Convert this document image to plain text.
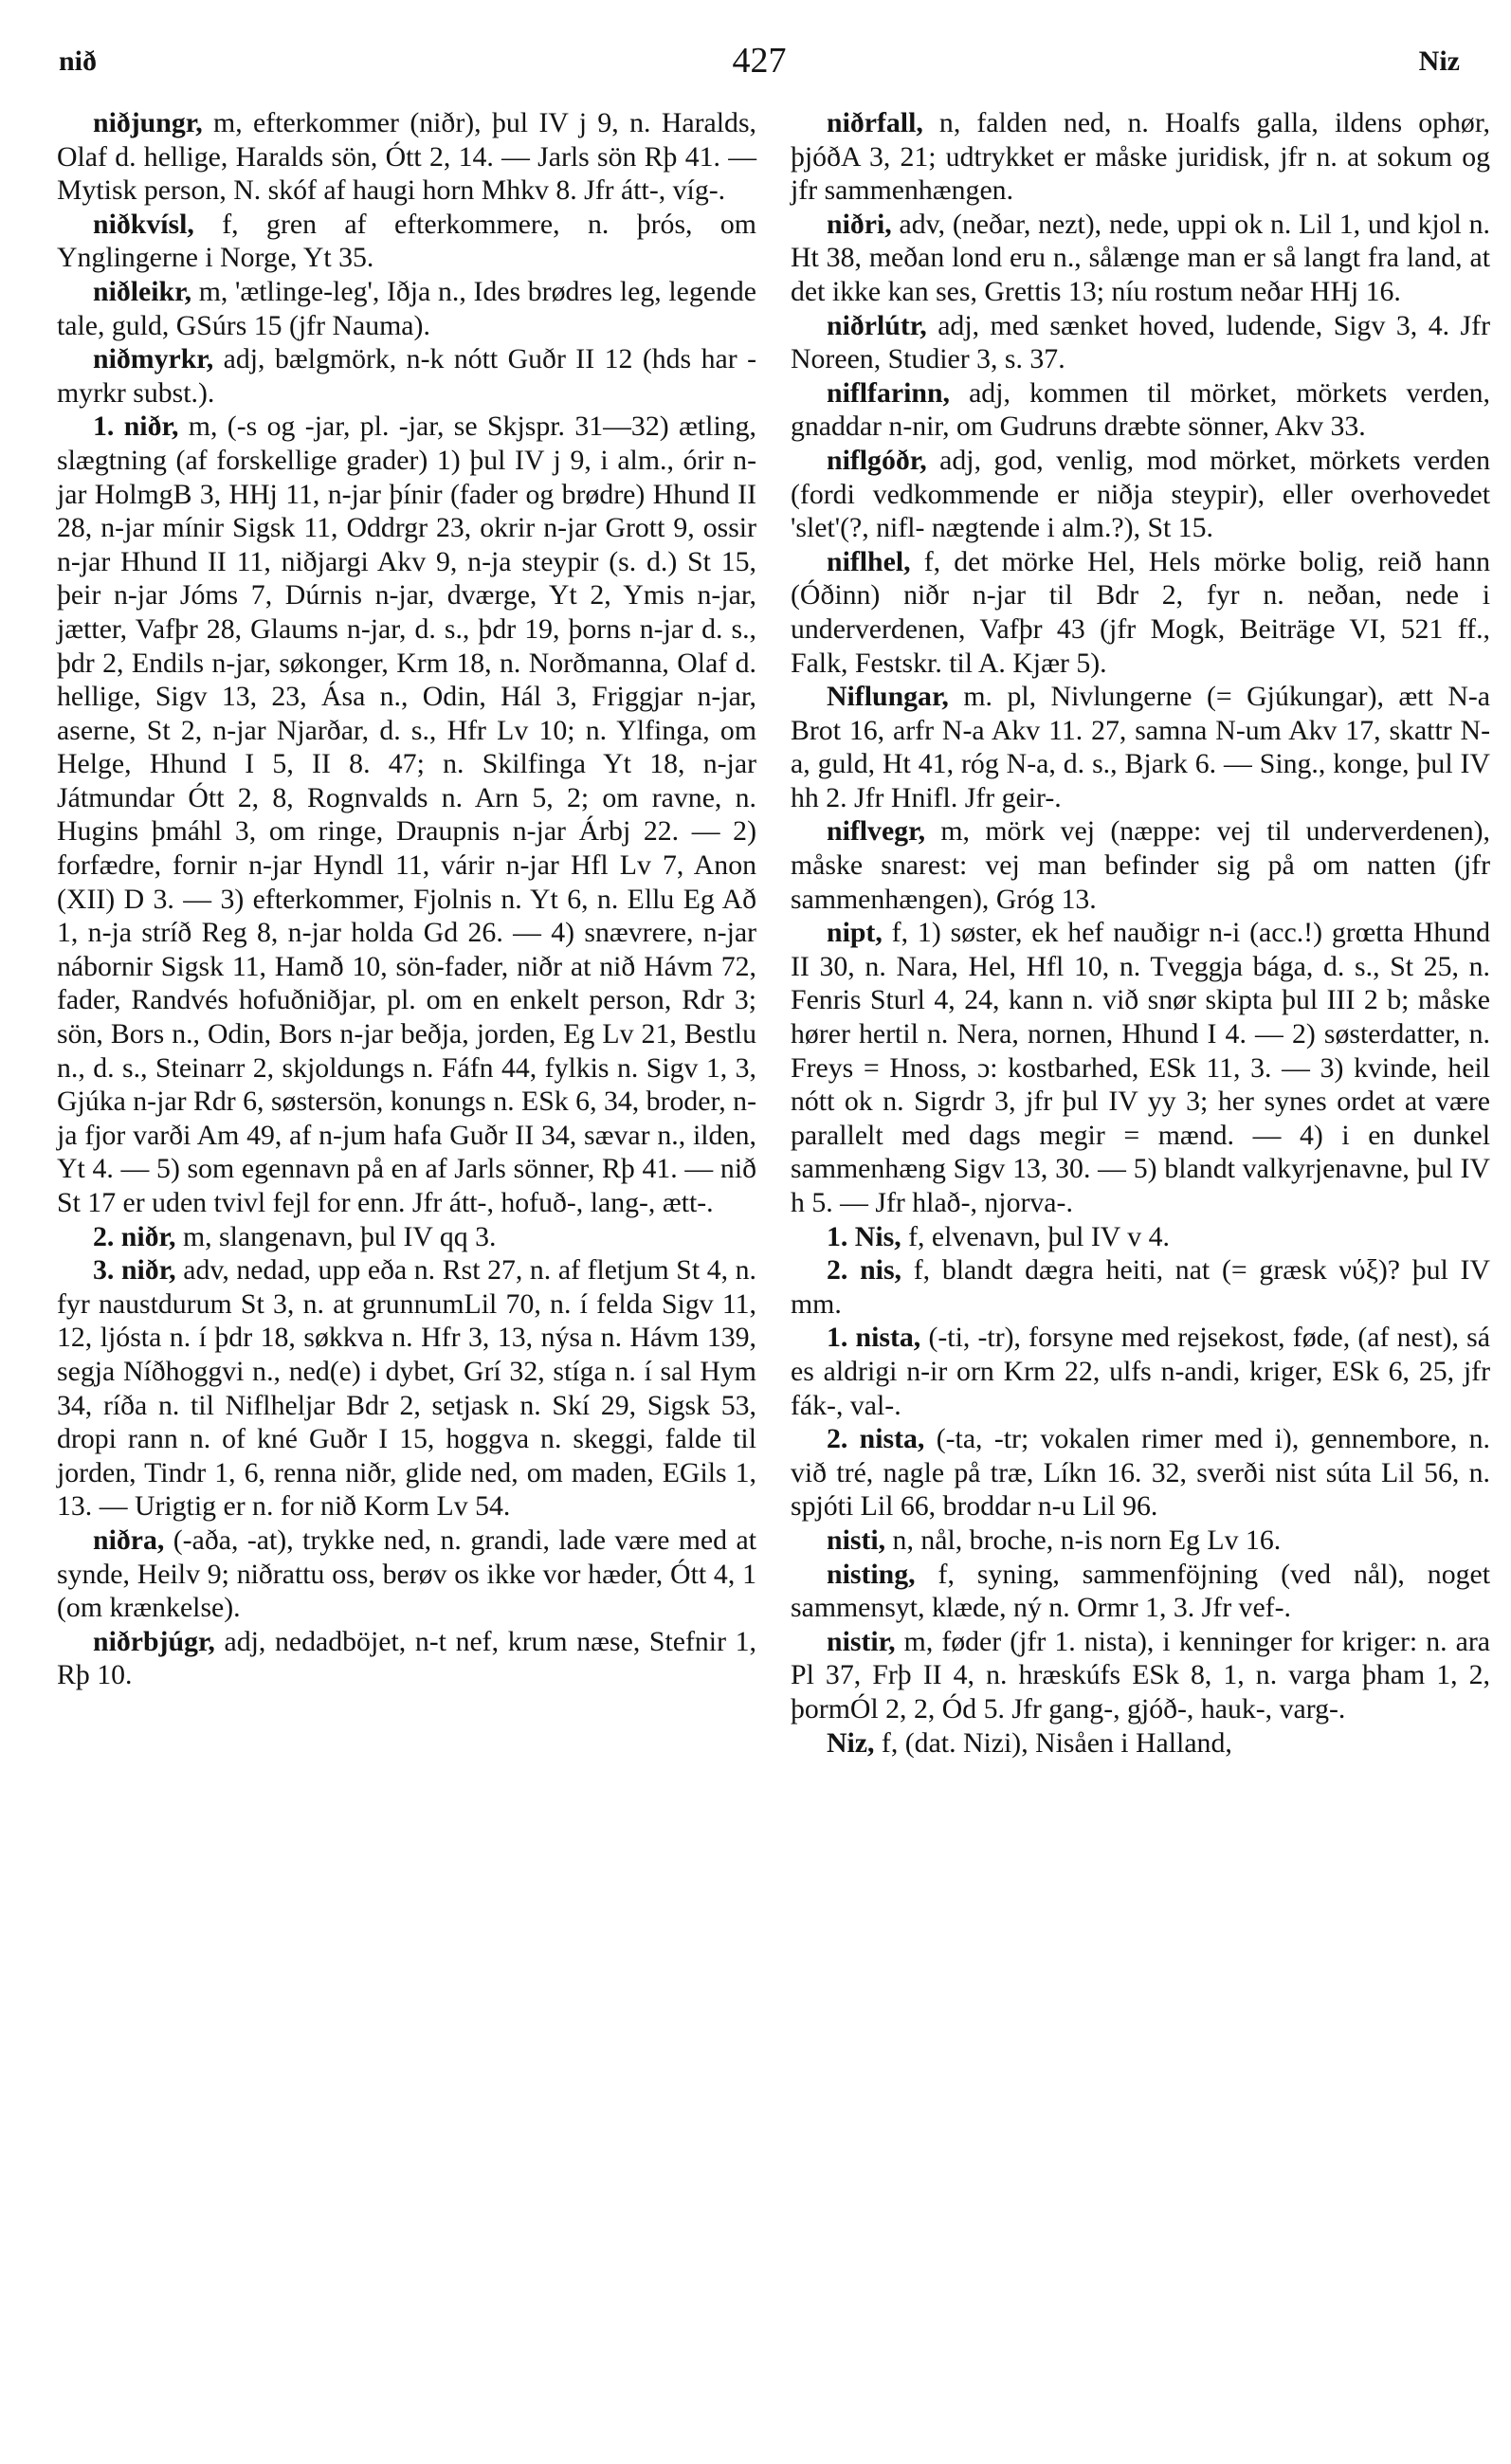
nið	427	Niz

niðjungr, m, efterkommer (niðr), þul IV j 9, n. Haralds, Olaf d. hellige, Haralds sön, Ótt 2, 14. — Jarls sön Rþ 41. — Mytisk person, N. skóf af haugi horn Mhkv 8. Jfr átt-, víg-.

niðkvísl, f, gren af efterkommere, n. þrós, om Ynglingerne i Norge, Yt 35.

niðleikr, m, 'ætlinge-leg', Iðja n., Ides brødres leg, legende tale, guld, GSúrs 15 (jfr Nauma).

niðmyrkr, adj, bælgmörk, n-k nótt Guðr II 12 (hds har -myrkr subst.).

1. niðr, m, (-s og -jar, pl. -jar, se Skjspr. 31—32) ætling, slægtning (af forskellige grader) 1) þul IV j 9, i alm., órir n-jar HolmgB 3, HHj 11, n-jar þínir (fader og brødre) Hhund II 28, n-jar mínir Sigsk 11, Oddrgr 23, okrir n-jar Grott 9, ossir n-jar Hhund II 11, niðjargi Akv 9, n-ja steypir (s. d.) St 15, þeir n-jar Jóms 7, Dúrnis n-jar, dværge, Yt 2, Ymis n-jar, jætter, Vafþr 28, Glaums n-jar, d. s., þdr 19, þorns n-jar d. s., þdr 2, Endils n-jar, søkonger, Krm 18, n. Norðmanna, Olaf d. hellige, Sigv 13, 23, Ása n., Odin, Hál 3, Friggjar n-jar, aserne, St 2, n-jar Njarðar, d. s., Hfr Lv 10; n. Ylfinga, om Helge, Hhund I 5, II 8. 47; n. Skilfinga Yt 18, n-jar Játmundar Ótt 2, 8, Rognvalds n. Arn 5, 2; om ravne, n. Hugins þmáhl 3, om ringe, Draupnis n-jar Árbj 22. — 2) forfædre, fornir n-jar Hyndl 11, várir n-jar Hfl Lv 7, Anon (XII) D 3. — 3) efterkommer, Fjolnis n. Yt 6, n. Ellu Eg Að 1, n-ja stríð Reg 8, n-jar holda Gd 26. — 4) snævrere, n-jar nábornir Sigsk 11, Hamð 10, sön-fader, niðr at nið Hávm 72, fader, Randvés hofuðniðjar, pl. om en enkelt person, Rdr 3; sön, Bors n., Odin, Bors n-jar beðja, jorden, Eg Lv 21, Bestlu n., d. s., Steinarr 2, skjoldungs n. Fáfn 44, fylkis n. Sigv 1, 3, Gjúka n-jar Rdr 6, søstersön, konungs n. ESk 6, 34, broder, n-ja fjor varði Am 49, af n-jum hafa Guðr II 34, sævar n., ilden, Yt 4. — 5) som egennavn på en af Jarls sönner, Rþ 41. — nið St 17 er uden tvivl fejl for enn. Jfr átt-, hofuð-, lang-, ætt-.

2. niðr, m, slangenavn, þul IV qq 3.

3. niðr, adv, nedad, upp eða n. Rst 27, n. af fletjum St 4, n. fyr naustdurum St 3, n. at grunnumLil 70, n. í felda Sigv 11, 12, ljósta n. í þdr 18, søkkva n. Hfr 3, 13, nýsa n. Hávm 139, segja Níðhoggvi n., ned(e) i dybet, Grí 32, stíga n. í sal Hym 34, ríða n. til Niflheljar Bdr 2, setjask n. Skí 29, Sigsk 53, dropi rann n. of kné Guðr I 15, hoggva n. skeggi, falde til jorden, Tindr 1, 6, renna niðr, glide ned, om maden, EGils 1, 13. — Urigtig er n. for nið Korm Lv 54.

niðra, (-aða, -at), trykke ned, n. grandi, lade være med at synde, Heilv 9; niðrattu oss, berøv os ikke vor hæder, Ótt 4, 1 (om krænkelse).

niðrbjúgr, adj, nedadböjet, n-t nef, krum næse, Stefnir 1, Rþ 10.

niðrfall, n, falden ned, n. Hoalfs galla, ildens ophør, þjóðA 3, 21; udtrykket er måske juridisk, jfr n. at sokum og jfr sammenhængen.

niðri, adv, (neðar, nezt), nede, uppi ok n. Lil 1, und kjol n. Ht 38, meðan lond eru n., sålænge man er så langt fra land, at det ikke kan ses, Grettis 13; níu rostum neðar HHj 16.

niðrlútr, adj, med sænket hoved, ludende, Sigv 3, 4. Jfr Noreen, Studier 3, s. 37.

niflfarinn, adj, kommen til mörket, mörkets verden, gnaddar n-nir, om Gudruns dræbte sönner, Akv 33.

niflgóðr, adj, god, venlig, mod mörket, mörkets verden (fordi vedkommende er niðja steypir), eller overhovedet 'slet'(?, nifl- nægtende i alm.?), St 15.

niflhel, f, det mörke Hel, Hels mörke bolig, reið hann (Óðinn) niðr n-jar til Bdr 2, fyr n. neðan, nede i underverdenen, Vafþr 43 (jfr Mogk, Beiträge VI, 521 ff., Falk, Festskr. til A. Kjær 5).

Niflungar, m. pl, Nivlungerne (= Gjúkungar), ætt N-a Brot 16, arfr N-a Akv 11. 27, samna N-um Akv 17, skattr N-a, guld, Ht 41, róg N-a, d. s., Bjark 6. — Sing., konge, þul IV hh 2. Jfr Hnifl. Jfr geir-.

niflvegr, m, mörk vej (næppe: vej til underverdenen), måske snarest: vej man befinder sig på om natten (jfr sammenhængen), Gróg 13.

nipt, f, 1) søster, ek hef nauðigr n-i (acc.!) grœtta Hhund II 30, n. Nara, Hel, Hfl 10, n. Tveggja bága, d. s., St 25, n. Fenris Sturl 4, 24, kann n. við snør skipta þul III 2 b; måske hører hertil n. Nera, nornen, Hhund I 4. — 2) søsterdatter, n. Freys = Hnoss, ɔ: kostbarhed, ESk 11, 3. — 3) kvinde, heil nótt ok n. Sigrdr 3, jfr þul IV yy 3; her synes ordet at være parallelt med dags megir = mænd. — 4) i en dunkel sammenhæng Sigv 13, 30. — 5) blandt valkyrjenavne, þul IV h 5. — Jfr hlað-, njorva-.

1. Nis, f, elvenavn, þul IV v 4.

2. nis, f, blandt dægra heiti, nat (= græsk νύξ)? þul IV mm.

1. nista, (-ti, -tr), forsyne med rejsekost, føde, (af nest), sá es aldrigi n-ir orn Krm 22, ulfs n-andi, kriger, ESk 6, 25, jfr fák-, val-.

2. nista, (-ta, -tr; vokalen rimer med i), gennembore, n. við tré, nagle på træ, Líkn 16. 32, sverði nist súta Lil 56, n. spjóti Lil 66, broddar n-u Lil 96.

nisti, n, nål, broche, n-is norn Eg Lv 16.

nisting, f, syning, sammenföjning (ved nål), noget sammensyt, klæde, ný n. Ormr 1, 3. Jfr vef-.

nistir, m, føder (jfr 1. nista), i kenninger for kriger: n. ara Pl 37, Frþ II 4, n. hræskúfs ESk 8, 1, n. varga þham 1, 2, þormÓl 2, 2, Ód 5. Jfr gang-, gjóð-, hauk-, varg-.

Niz, f, (dat. Nizi), Nisåen i Halland,
